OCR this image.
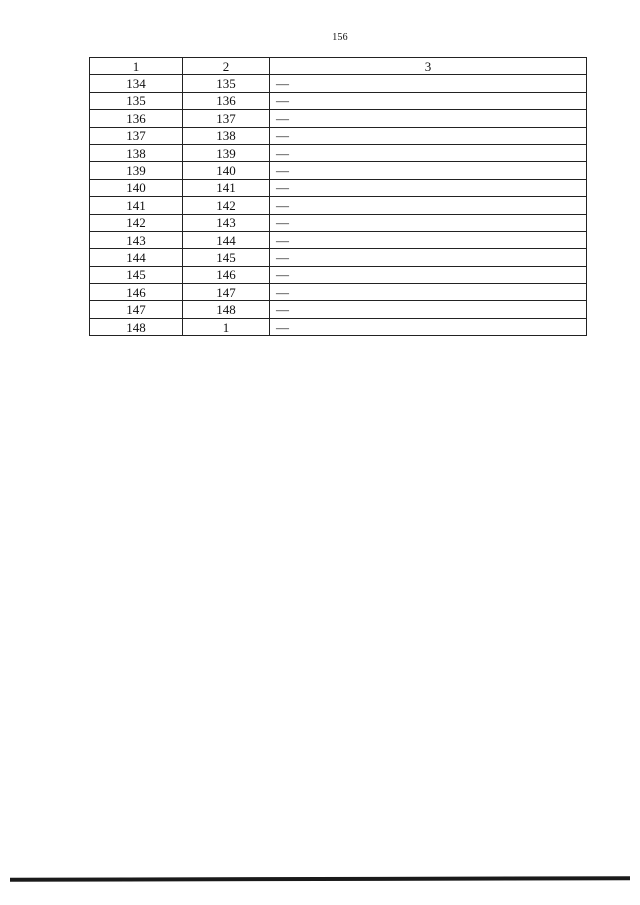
156
1	2	3
134	135	—
135	136	—
136	137	—
137	138	—
138	139	—
139	140	—
140	141	—
141	142	—
142	143	—
143	144	—
144	145	—
145	146	—
146	147	—
147	148	—
148	1	—
